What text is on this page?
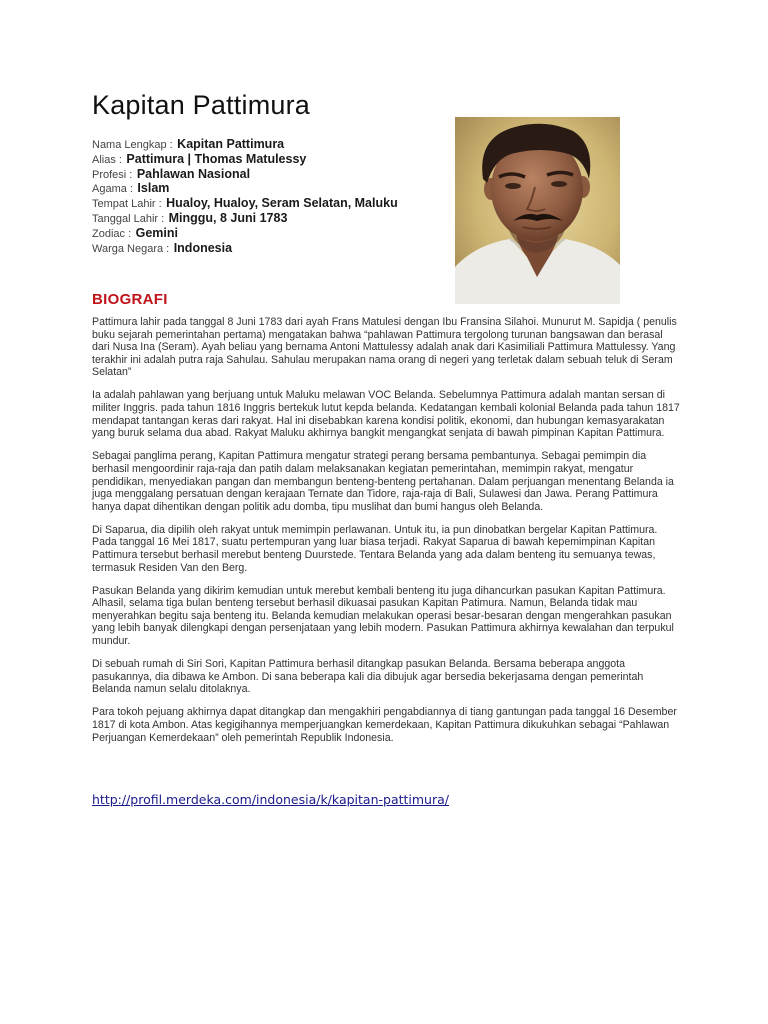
Kapitan Pattimura
Nama Lengkap : Kapitan Pattimura
Alias : Pattimura | Thomas Matulessy
Profesi : Pahlawan Nasional
Agama : Islam
Tempat Lahir : Hualoy, Hualoy, Seram Selatan, Maluku
Tanggal Lahir : Minggu, 8 Juni 1783
Zodiac : Gemini
Warga Negara : Indonesia
BIOGRAFI

Pattimura lahir pada tanggal 8 Juni 1783 dari ayah Frans Matulesi dengan Ibu Fransina Silahoi. Munurut M. Sapidja ( penulis buku sejarah pemerintahan pertama) mengatakan bahwa “pahlawan Pattimura tergolong turunan bangsawan dan berasal dari Nusa Ina (Seram). Ayah beliau yang bernama Antoni Mattulessy adalah anak dari Kasimiliali Pattimura Mattulessy. Yang terakhir ini adalah putra raja Sahulau. Sahulau merupakan nama orang di negeri yang terletak dalam sebuah teluk di Seram Selatan”

Ia adalah pahlawan yang berjuang untuk Maluku melawan VOC Belanda. Sebelumnya Pattimura adalah mantan sersan di militer Inggris. pada tahun 1816 Inggris bertekuk lutut kepda belanda. Kedatangan kembali kolonial Belanda pada tahun 1817 mendapat tantangan keras dari rakyat. Hal ini disebabkan karena kondisi politik, ekonomi, dan hubungan kemasyarakatan yang buruk selama dua abad. Rakyat Maluku akhirnya bangkit mengangkat senjata di bawah pimpinan Kapitan Pattimura.

Sebagai panglima perang, Kapitan Pattimura mengatur strategi perang bersama pembantunya. Sebagai pemimpin dia berhasil mengoordinir raja-raja dan patih dalam melaksanakan kegiatan pemerintahan, memimpin rakyat, mengatur pendidikan, menyediakan pangan dan membangun benteng-benteng pertahanan. Dalam perjuangan menentang Belanda ia juga menggalang persatuan dengan kerajaan Ternate dan Tidore, raja-raja di Bali, Sulawesi dan Jawa. Perang Pattimura hanya dapat dihentikan dengan politik adu domba, tipu muslihat dan bumi hangus oleh Belanda.

Di Saparua, dia dipilih oleh rakyat untuk memimpin perlawanan. Untuk itu, ia pun dinobatkan bergelar Kapitan Pattimura. Pada tanggal 16 Mei 1817, suatu pertempuran yang luar biasa terjadi. Rakyat Saparua di bawah kepemimpinan Kapitan Pattimura tersebut berhasil merebut benteng Duurstede. Tentara Belanda yang ada dalam benteng itu semuanya tewas, termasuk Residen Van den Berg.

Pasukan Belanda yang dikirim kemudian untuk merebut kembali benteng itu juga dihancurkan pasukan Kapitan Pattimura. Alhasil, selama tiga bulan benteng tersebut berhasil dikuasai pasukan Kapitan Patimura. Namun, Belanda tidak mau menyerahkan begitu saja benteng itu. Belanda kemudian melakukan operasi besar-besaran dengan mengerahkan pasukan yang lebih banyak dilengkapi dengan persenjataan yang lebih modern. Pasukan Pattimura akhirnya kewalahan dan terpukul mundur.

Di sebuah rumah di Siri Sori, Kapitan Pattimura berhasil ditangkap pasukan Belanda. Bersama beberapa anggota pasukannya, dia dibawa ke Ambon. Di sana beberapa kali dia dibujuk agar bersedia bekerjasama dengan pemerintah Belanda namun selalu ditolaknya.

Para tokoh pejuang akhirnya dapat ditangkap dan mengakhiri pengabdiannya di tiang gantungan pada tanggal 16 Desember 1817 di kota Ambon. Atas kegigihannya memperjuangkan kemerdekaan, Kapitan Pattimura dikukuhkan sebagai “Pahlawan Perjuangan Kemerdekaan” oleh pemerintah Republik Indonesia.

http://profil.merdeka.com/indonesia/k/kapitan-pattimura/
